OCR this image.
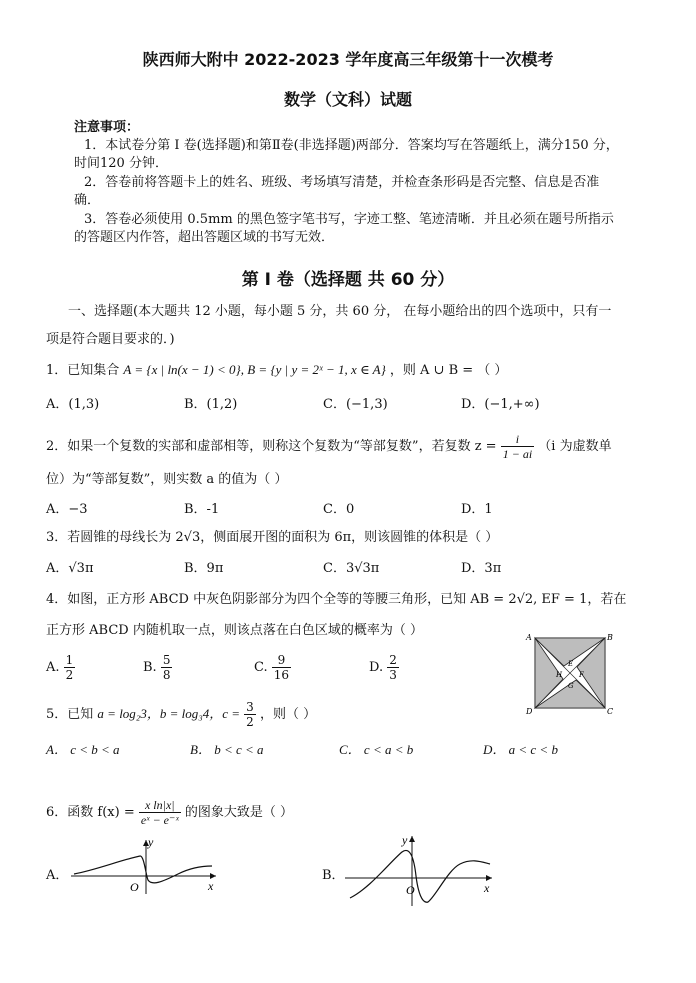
陕西师大附中 2022-2023 学年度高三年级第十一次模考
数学（文科）试题
注意事项：
1．本试卷分第 I 卷(选择题)和第Ⅱ卷(非选择题)两部分．答案均写在答题纸上，满分150 分，
时间120 分钟．
2．答卷前将答题卡上的姓名、班级、考场填写清楚，并检查条形码是否完整、信息是否准
确．
3．答卷必须使用 0.5mm 的黑色签字笔书写，字迹工整、笔迹清晰．并且必须在题号所指示
的答题区内作答，超出答题区域的书写无效．
第 I 卷（选择题 共 60 分）
一、选择题(本大题共 12 小题，每小题 5 分，共 60 分， 在每小题给出的四个选项中，只有一
项是符合题目要求的．)
1．已知集合 A = {x | ln(x − 1) < 0}, B = {y | y = 2ˣ − 1, x ∈ A} ，则 A ∪ B = （ ）
A．(1,3)	B．(1,2)	C．(−1,3)	D．(−1,+∞)
2．如果一个复数的实部和虚部相等，则称这个复数为“等部复数”，若复数 $z = \frac{i}{1 - ai} (i$ 为虚数单
位）为“等部复数”，则实数 a 的值为（ ）
A．−3	B．-1	C．0	D．1
3．若圆锥的母线长为 2√3，侧面展开图的面积为 6π，则该圆锥的体积是（ ）
A．√3π	B．9π	C．3√3π	D．3π
4．如图，正方形 ABCD 中灰色阴影部分为四个全等的等腰三角形，已知 AB = 2√2, EF = 1，若在
正方形 ABCD 内随机取一点，则该点落在白色区域的概率为（ ）
A. $\frac{1}{2}$	B. $\frac{5}{8}$	C. $\frac{9}{16}$	D. $\frac{2}{3}$
A	B
C
D
E
F
G
H
5．已知 a = log₂3，b = log₃4，$c = \frac{3}{2}$ ，则（ ）
A． c < b < a	B． b < c < a	C． c < a < b	D． a < c < b
6．函数 $f(x) = \frac{\text{x ln|x|}}{\text{eˣ − e⁻ˣ}}$ 的图象大致是（ ）
A．
y
x
O
B．
y
x
O
